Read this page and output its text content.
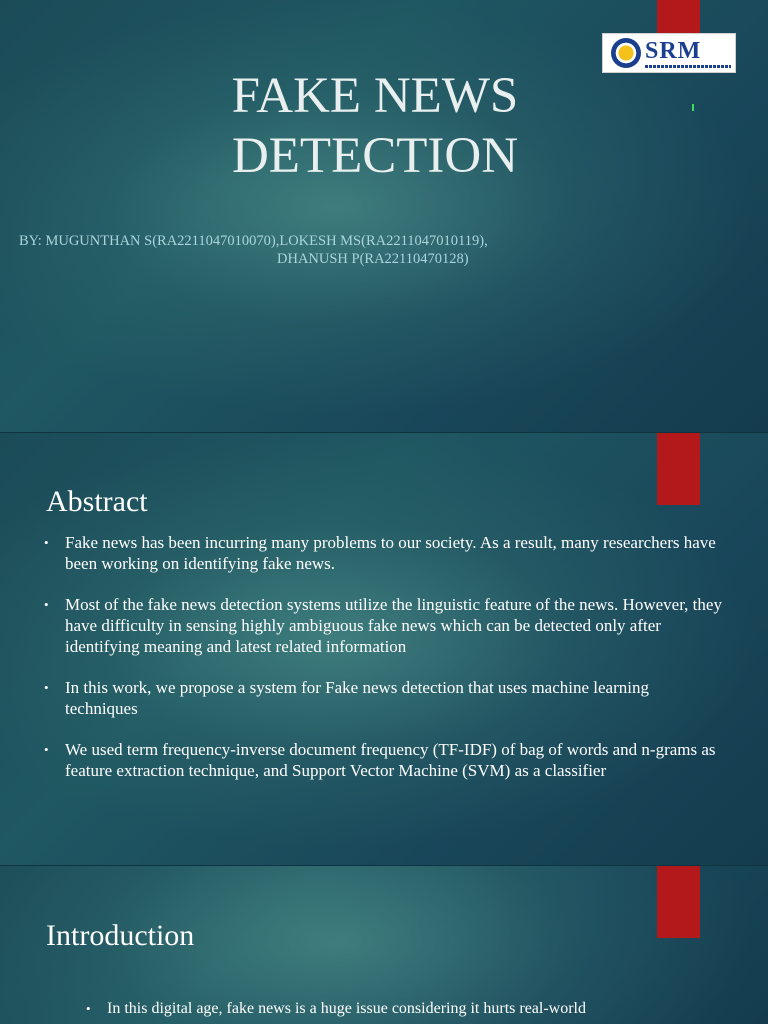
SRM
FAKE NEWS
DETECTION
BY: MUGUNTHAN S(RA2211047010070),LOKESH MS(RA2211047010119),
DHANUSH P(RA22110470128)
Abstract
• Fake news has been incurring many problems to our society. As a result, many researchers have been working on identifying fake news.
• Most of the fake news detection systems utilize the linguistic feature of the news. However, they have difficulty in sensing highly ambiguous fake news which can be detected only after identifying meaning and latest related information
• In this work, we propose a system for Fake news detection that uses machine learning techniques
• We used term frequency-inverse document frequency (TF-IDF) of bag of words and n-grams as feature extraction technique, and Support Vector Machine (SVM) as a classifier
Introduction
• In this digital age, fake news is a huge issue considering it hurts real-world
